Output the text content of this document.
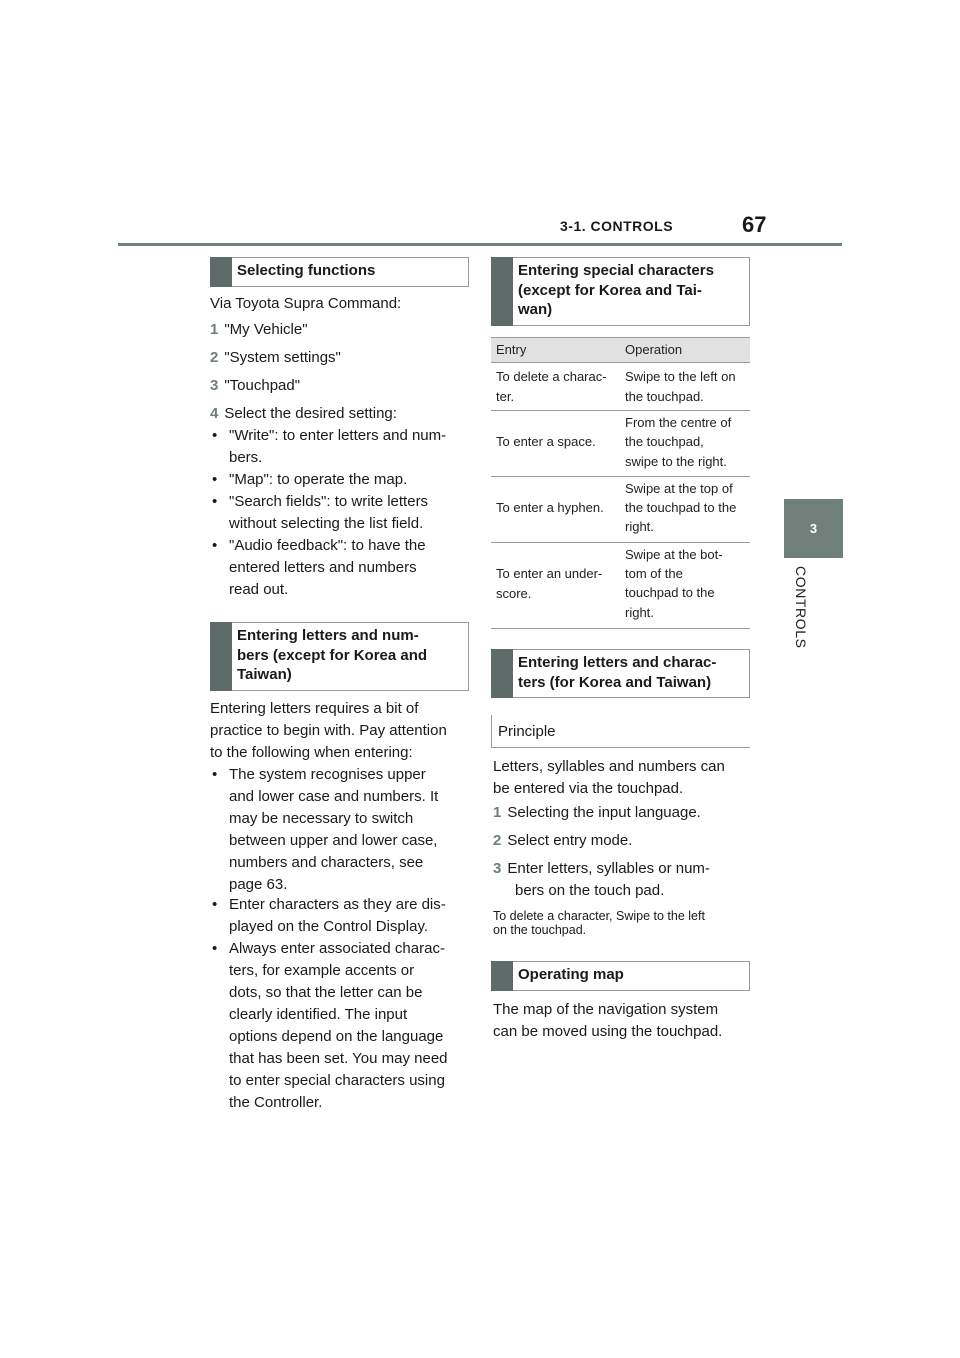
3-1. CONTROLS	67
3
CONTROLS
Selecting functions
Via Toyota Supra Command:
1 "My Vehicle"
2 "System settings"
3 "Touchpad"
4 Select the desired setting:
• "Write": to enter letters and num-
bers.
• "Map": to operate the map.
• "Search fields": to write letters
without selecting the list field.
• "Audio feedback": to have the
entered letters and numbers
read out.
Entering letters and num-
bers (except for Korea and
Taiwan)
Entering letters requires a bit of
practice to begin with. Pay attention
to the following when entering:
• The system recognises upper
and lower case and numbers. It
may be necessary to switch
between upper and lower case,
numbers and characters, see
page 63.
• Enter characters as they are dis-
played on the Control Display.
• Always enter associated charac-
ters, for example accents or
dots, so that the letter can be
clearly identified. The input
options depend on the language
that has been set. You may need
to enter special characters using
the Controller.
Entering special characters
(except for Korea and Tai-
wan)
Entry	Operation
To delete a charac-
ter.
Swipe to the left on
the touchpad.
To enter a space.
From the centre of
the touchpad,
swipe to the right.
To enter a hyphen.
Swipe at the top of
the touchpad to the
right.
To enter an under-
score.
Swipe at the bot-
tom of the
touchpad to the
right.
Entering letters and charac-
ters (for Korea and Taiwan)
Principle
Letters, syllables and numbers can
be entered via the touchpad.
1 Selecting the input language.
2 Select entry mode.
3 Enter letters, syllables or num-
bers on the touch pad.
To delete a character, Swipe to the left
on the touchpad.
Operating map
The map of the navigation system
can be moved using the touchpad.
